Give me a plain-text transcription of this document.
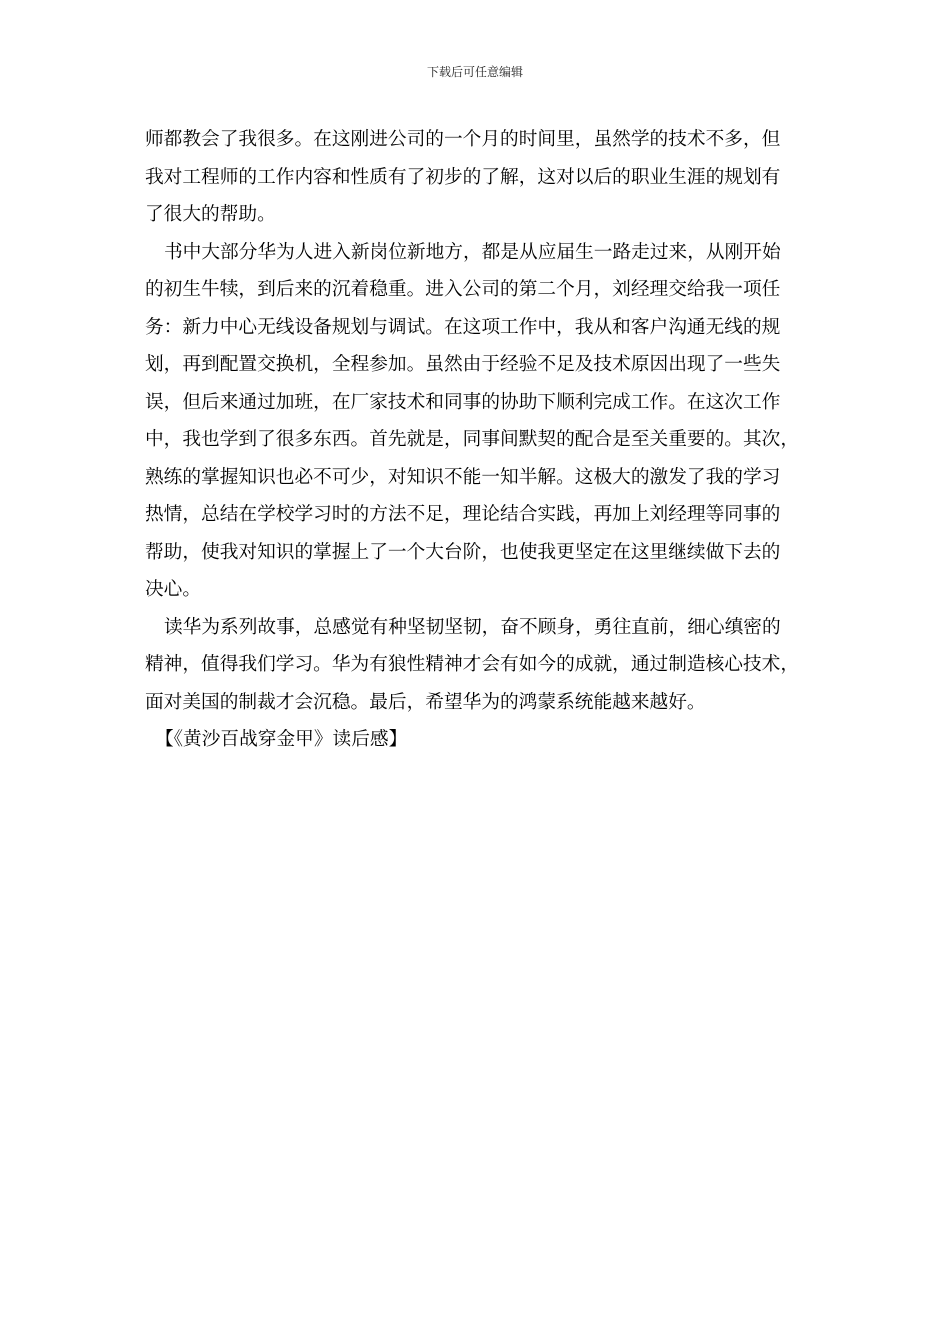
下载后可任意编辑
师都教会了我很多。在这刚进公司的一个月的时间里，虽然学的技术不多，但
我对工程师的工作内容和性质有了初步的了解，这对以后的职业生涯的规划有
了很大的帮助。
书中大部分华为人进入新岗位新地方，都是从应届生一路走过来，从刚开始
的初生牛犊，到后来的沉着稳重。进入公司的第二个月，刘经理交给我一项任
务：新力中心无线设备规划与调试。在这项工作中，我从和客户沟通无线的规
划，再到配置交换机，全程参加。虽然由于经验不足及技术原因出现了一些失
误，但后来通过加班，在厂家技术和同事的协助下顺利完成工作。在这次工作
中，我也学到了很多东西。首先就是，同事间默契的配合是至关重要的。其次，
熟练的掌握知识也必不可少，对知识不能一知半解。这极大的激发了我的学习
热情，总结在学校学习时的方法不足，理论结合实践，再加上刘经理等同事的
帮助，使我对知识的掌握上了一个大台阶，也使我更坚定在这里继续做下去的
决心。
读华为系列故事，总感觉有种坚韧坚韧，奋不顾身，勇往直前，细心缜密的
精神，值得我们学习。华为有狼性精神才会有如今的成就，通过制造核心技术，
面对美国的制裁才会沉稳。最后，希望华为的鸿蒙系统能越来越好。
【《黄沙百战穿金甲》读后感】
